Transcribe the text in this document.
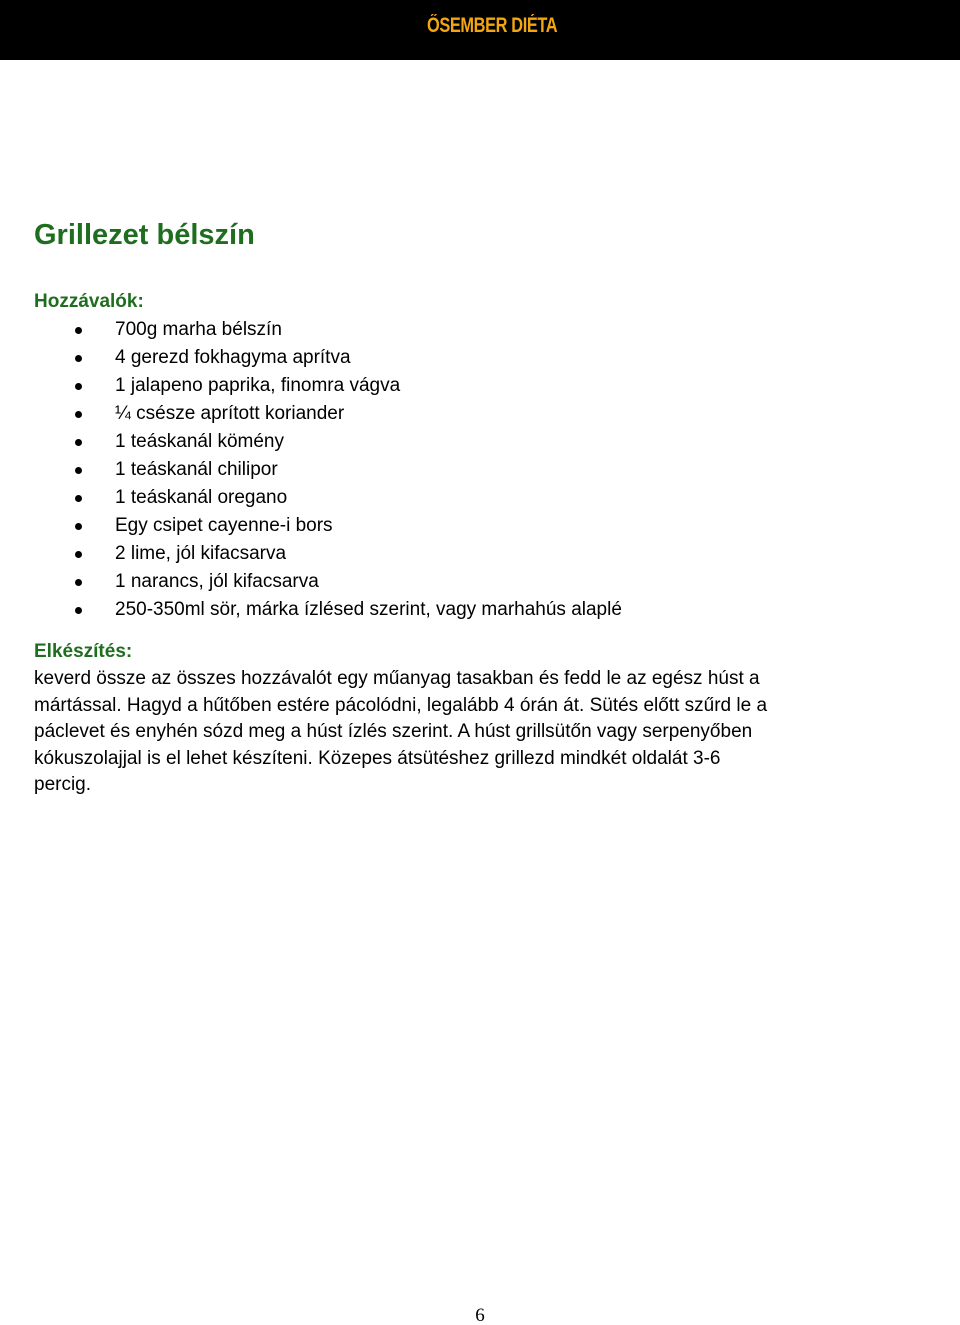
ŐSEMBER DIÉTA
Grillezet bélszín
Hozzávalók:
700g marha bélszín
4 gerezd fokhagyma aprítva
1 jalapeno paprika, finomra vágva
¼ csésze aprított koriander
1 teáskanál kömény
1 teáskanál chilipor
1 teáskanál oregano
Egy csipet cayenne-i bors
2 lime, jól kifacsarva
1 narancs, jól kifacsarva
250-350ml sör, márka ízlésed szerint, vagy marhahús alaplé
Elkészítés:

keverd össze az összes hozzávalót egy műanyag tasakban és fedd le az egész húst a
mártással. Hagyd a hűtőben estére pácolódni, legalább 4 órán át. Sütés előtt szűrd le a
páclevet és enyhén sózd meg a húst ízlés szerint. A húst grillsütőn vagy serpenyőben
kókuszolajjal is el lehet készíteni. Közepes átsütéshez grillezd mindkét oldalát 3-6
percig.

6
